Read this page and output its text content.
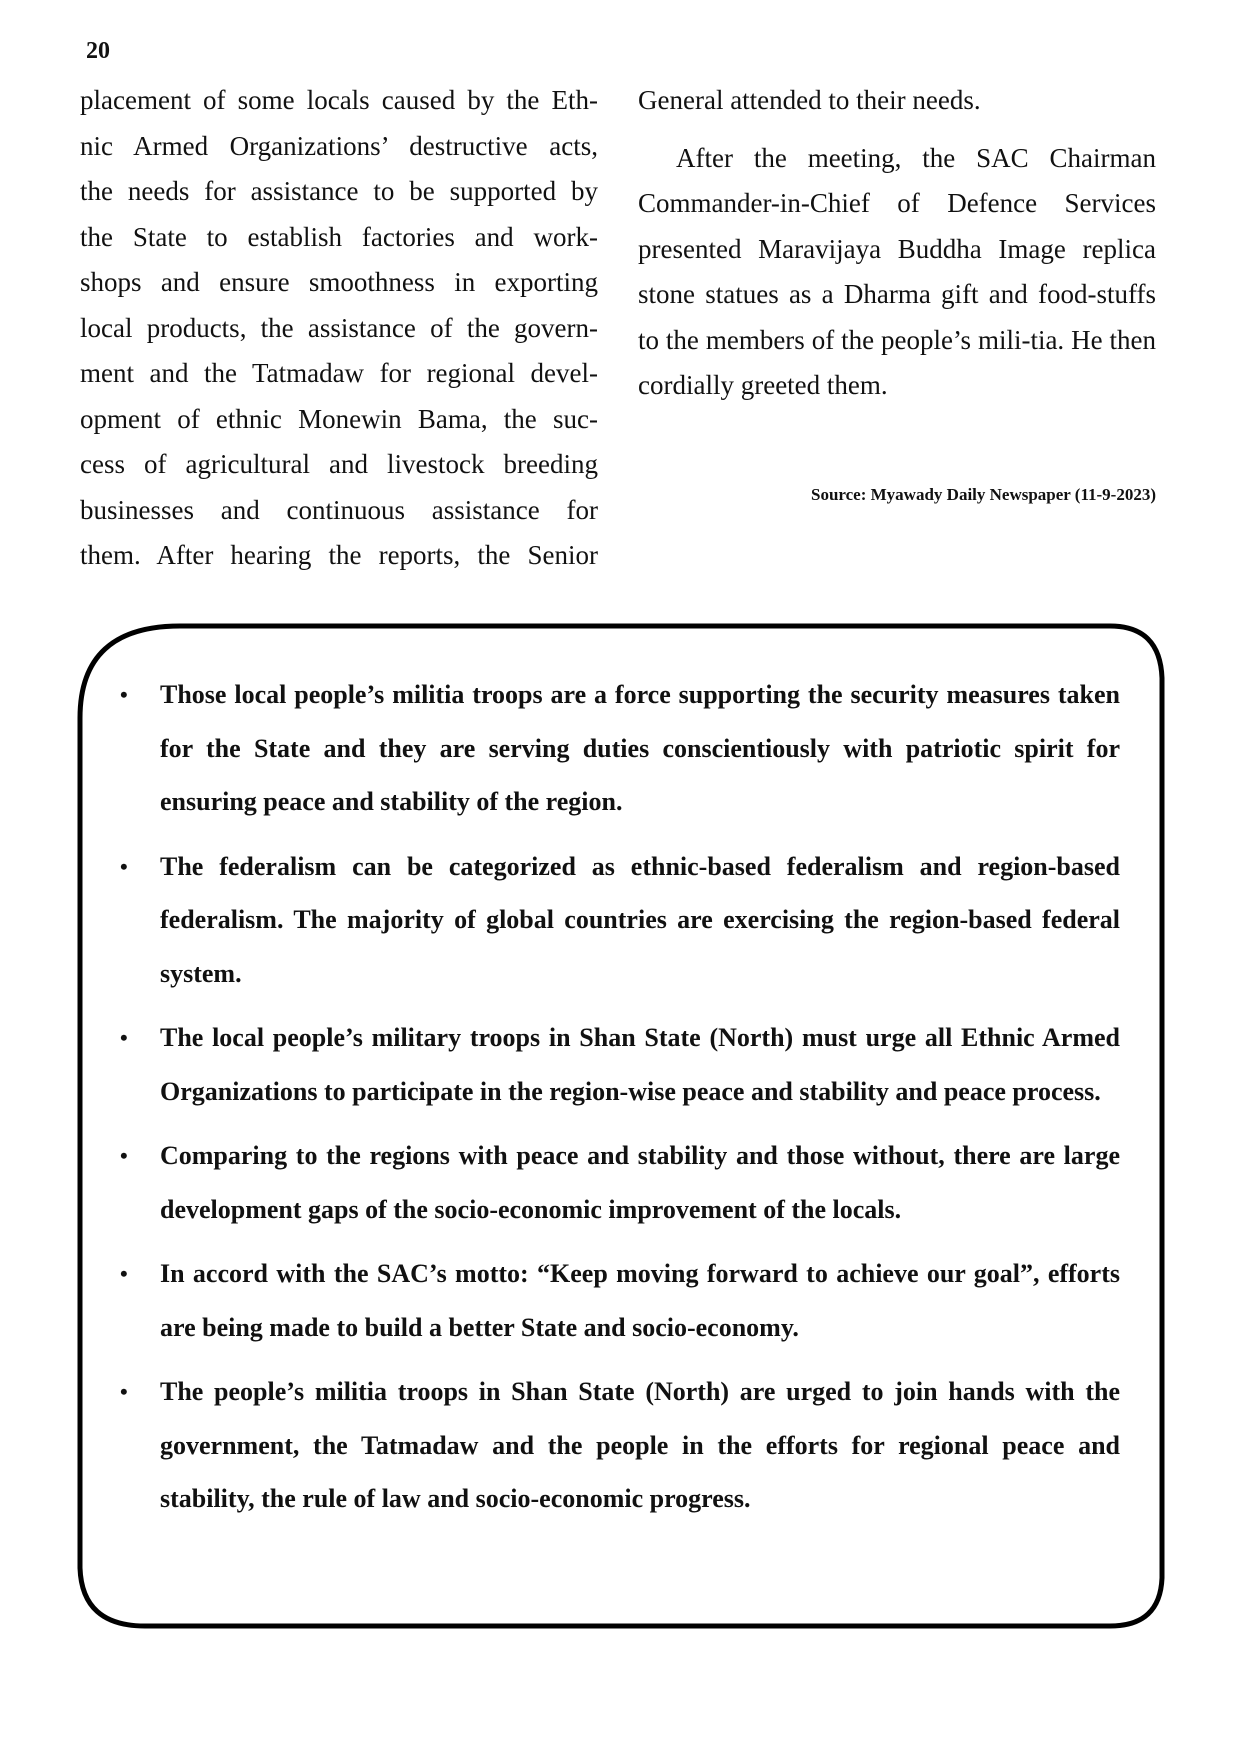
20

placement of some locals caused by the Eth-
nic Armed Organizations’ destructive acts,
the needs for assistance to be supported by
the State to establish factories and work-
shops and ensure smoothness in exporting
local products, the assistance of the govern-
ment and the Tatmadaw for regional devel-
opment of ethnic Monewin Bama, the suc-
cess of agricultural and livestock breeding
businesses and continuous assistance for
them. After hearing the reports, the Senior

General attended to their needs.

After the meeting, the SAC Chairman Commander-in-Chief of Defence Services presented Maravijaya Buddha Image replica stone statues as a Dharma gift and food-stuffs to the members of the people’s mili-tia. He then cordially greeted them.

Source: Myawady Daily Newspaper (11-9-2023)
• Those local people’s militia troops are a force supporting the security measures taken for the State and they are serving duties conscientiously with patriotic spirit for ensuring peace and stability of the region.
• The federalism can be categorized as ethnic-based federalism and region-based federalism. The majority of global countries are exercising the region-based federal system.
• The local people’s military troops in Shan State (North) must urge all Ethnic Armed Organizations to participate in the region-wise peace and stability and peace process.
• Comparing to the regions with peace and stability and those without, there are large development gaps of the socio-economic improvement of the locals.
• In accord with the SAC’s motto: “Keep moving forward to achieve our goal”, efforts are being made to build a better State and socio-economy.
• The people’s militia troops in Shan State (North) are urged to join hands with the government, the Tatmadaw and the people in the efforts for regional peace and stability, the rule of law and socio-economic progress.
